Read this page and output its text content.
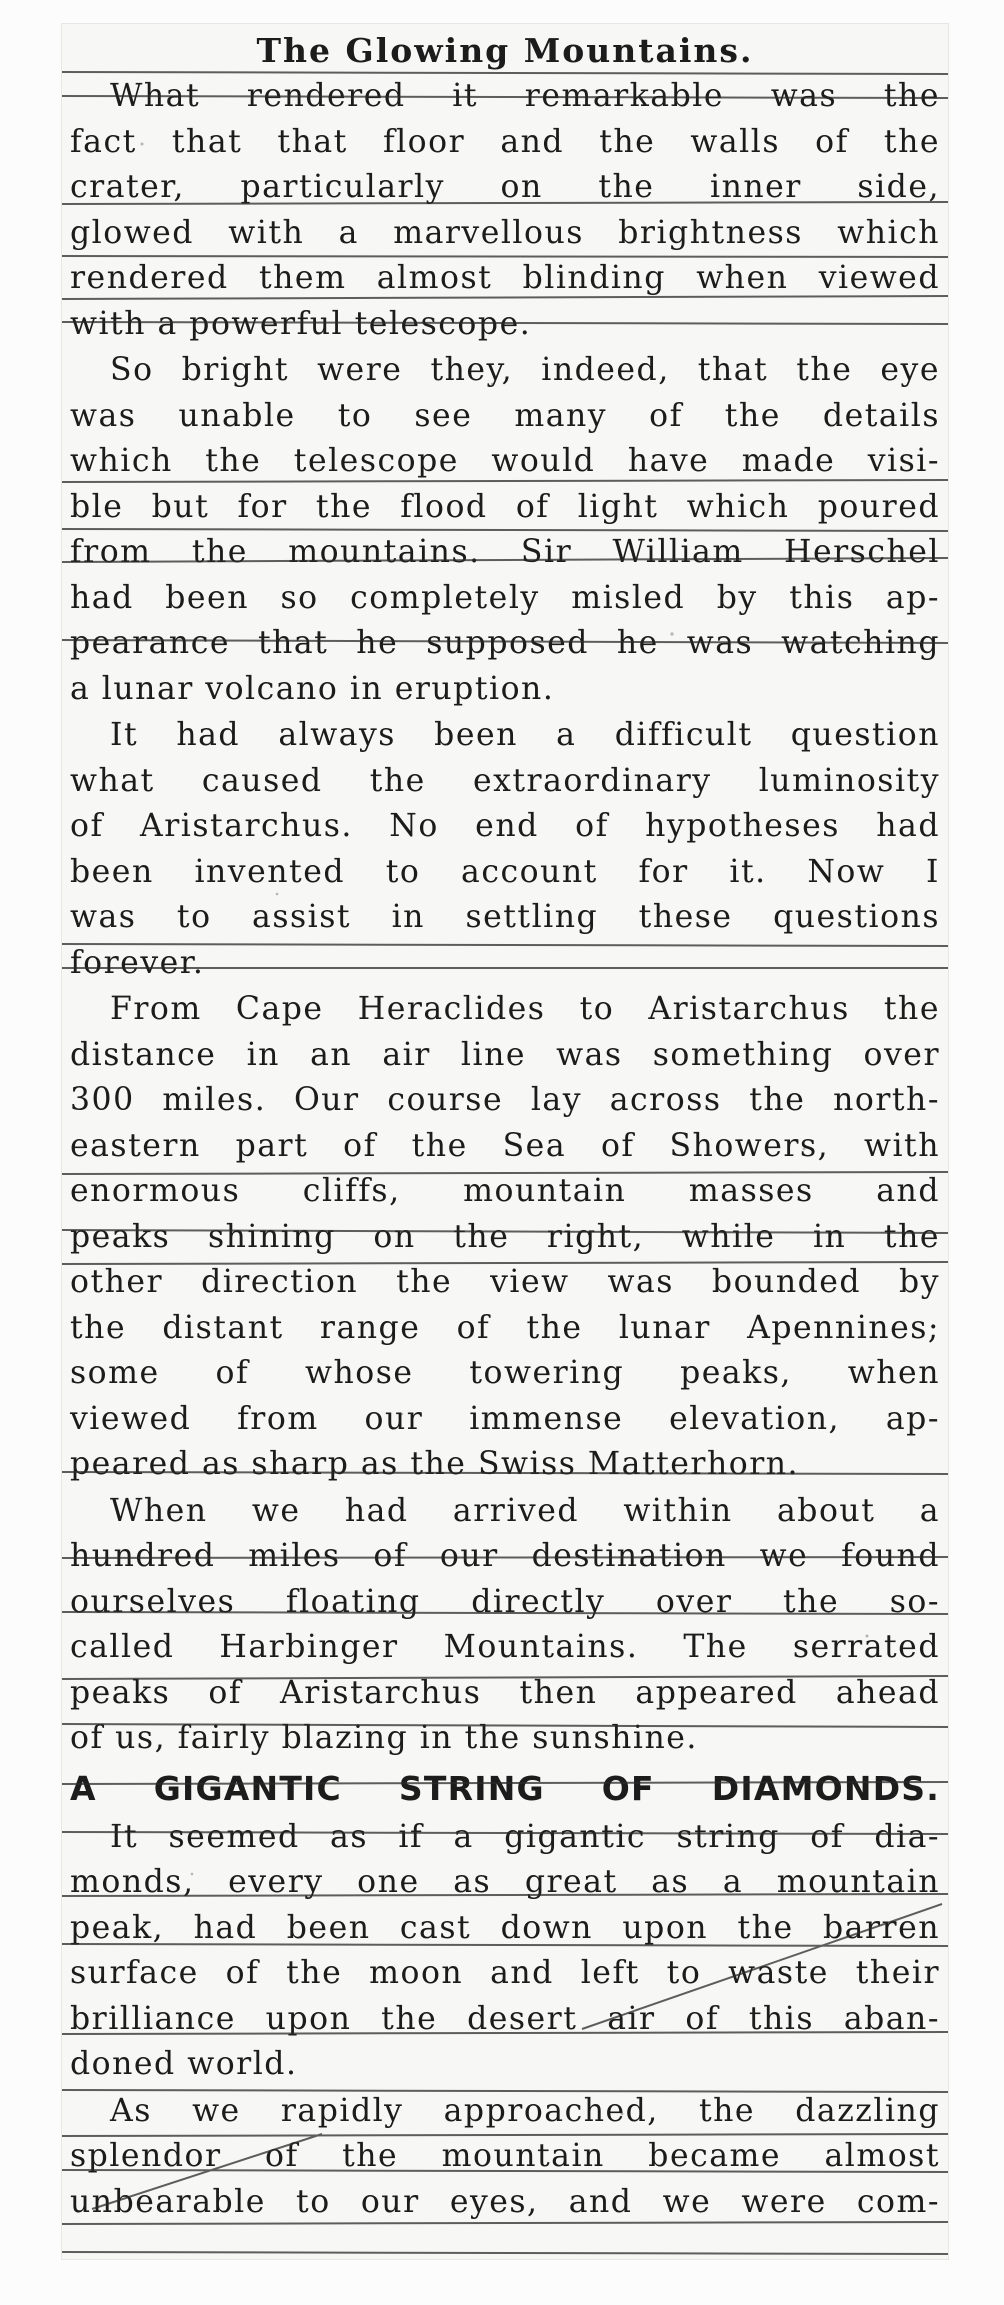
The Glowing Mountains.
What rendered it remarkable was the
fact that that floor and the walls of the
crater, particularly on the inner side,
glowed with a marvellous brightness which
rendered them almost blinding when viewed
with a powerful telescope.
So bright were they, indeed, that the eye
was unable to see many of the details
which the telescope would have made visi-
ble but for the flood of light which poured
from the mountains. Sir William Herschel
had been so completely misled by this ap-
pearance that he supposed he was watching
a lunar volcano in eruption.
It had always been a difficult question
what caused the extraordinary luminosity
of Aristarchus. No end of hypotheses had
been invented to account for it. Now I
was to assist in settling these questions
forever.
From Cape Heraclides to Aristarchus the
distance in an air line was something over
300 miles. Our course lay across the north-
eastern part of the Sea of Showers, with
enormous cliffs, mountain masses and
peaks shining on the right, while in the
other direction the view was bounded by
the distant range of the lunar Apennines;
some of whose towering peaks, when
viewed from our immense elevation, ap-
peared as sharp as the Swiss Matterhorn.
When we had arrived within about a
hundred miles of our destination we found
ourselves floating directly over the so-
called Harbinger Mountains. The serrated
peaks of Aristarchus then appeared ahead
of us, fairly blazing in the sunshine.
A GIGANTIC STRING OF DIAMONDS.
It seemed as if a gigantic string of dia-
monds, every one as great as a mountain
peak, had been cast down upon the barren
surface of the moon and left to waste their
brilliance upon the desert air of this aban-
doned world.
As we rapidly approached, the dazzling
splendor of the mountain became almost
unbearable to our eyes, and we were com-
